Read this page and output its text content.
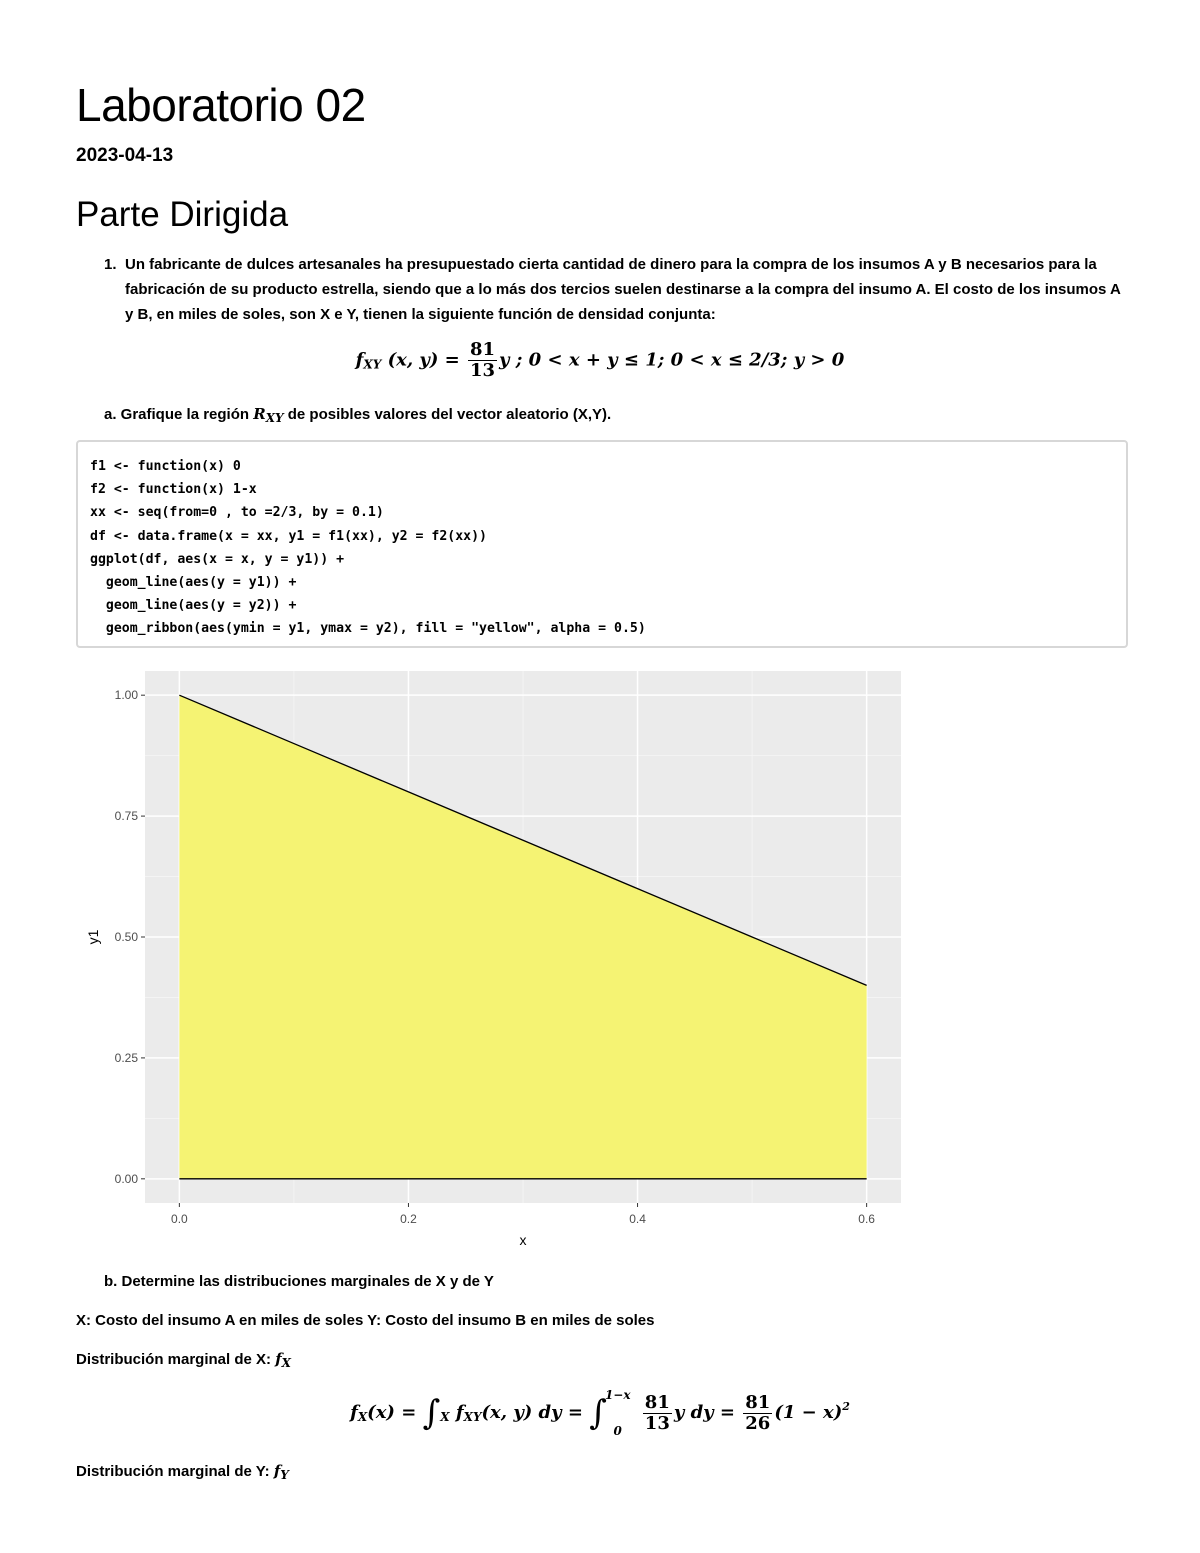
Laboratorio 02
2023-04-13
Parte Dirigida
1. Un fabricante de dulces artesanales ha presupuestado cierta cantidad de dinero para la compra de los insumos A y B necesarios para la fabricación de su producto estrella, siendo que a lo más dos tercios suelen destinarse a la compra del insumo A. El costo de los insumos A y B, en miles de soles, son X e Y, tienen la siguiente función de densidad conjunta:
$f_{XY}$ (x, $y) = \frac{81}{13}$ y ; 0 < x + y ≤ 1; 0 < x ≤ 2/3; y > 0
a. Grafique la región $R_{XY}$ de posibles valores del vector aleatorio (X,Y).
f1 <- function(x) 0
f2 <- function(x) 1-x
xx <- seq(from=0 , to =2/3, by = 0.1)
df <- data.frame(x = xx, y1 = f1(xx), y2 = f2(xx))
ggplot(df, aes(x = x, y = y1)) +
geom_line(aes(y = y1)) +
geom_line(aes(y = y2)) +
geom_ribbon(aes(ymin = y1, ymax = y2), fill = "yellow", alpha = 0.5)
0.0	0.2	0.4	0.6
0.00
0.25
0.50
0.75
1.00
x
y1
b. Determine las distribuciones marginales de X y de Y
X: Costo del insumo A en miles de soles Y: Costo del insumo B en miles de soles
Distribución marginal de X: $f_X$
$f_X(x) = \int_X$ $f_{XY}(x$, y) dy = ∫
1−x
0
	$\frac{81}{13}$ y dy = $\frac{81}{26} (1 - x)^2$
Distribución marginal de Y: $f_Y$
